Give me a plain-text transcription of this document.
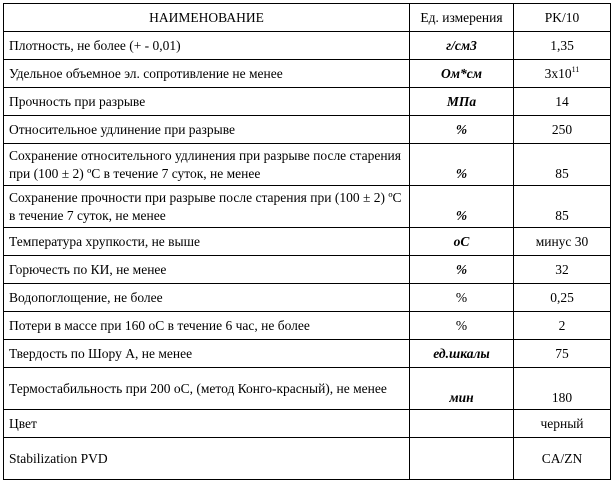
НАИМЕНОВАНИЕ	Ед. измерения	PK/10
Плотность, не более (+ - 0,01)	г/см3	1,35
Удельное объемное эл. сопротивление не менее	Ом*см	$3х10^{11}$
Прочность при разрыве	МПа	14
Относительное удлинение при разрыве	%	250
Сохранение относительного удлинения при разрыве после старения при (100 ± 2) ºС в течение 7 суток, не менее	%	85
Сохранение прочности при разрыве после старения при (100 ± 2) ºС в течение 7 суток, не менее	%	85
Температура хрупкости, не выше	оС	минус 30
Горючесть по КИ, не менее	%	32
Водопоглощение, не более	%	0,25
Потери в массе при 160 оС в течение 6 час, не более	%	2
Твердость по Шору А, не менее	ед.шкалы	75
Термостабильность при 200 оС, (метод Конго-красный), не менее	мин	180
Цвет		черный
Stabilization PVD		CA/ZN
